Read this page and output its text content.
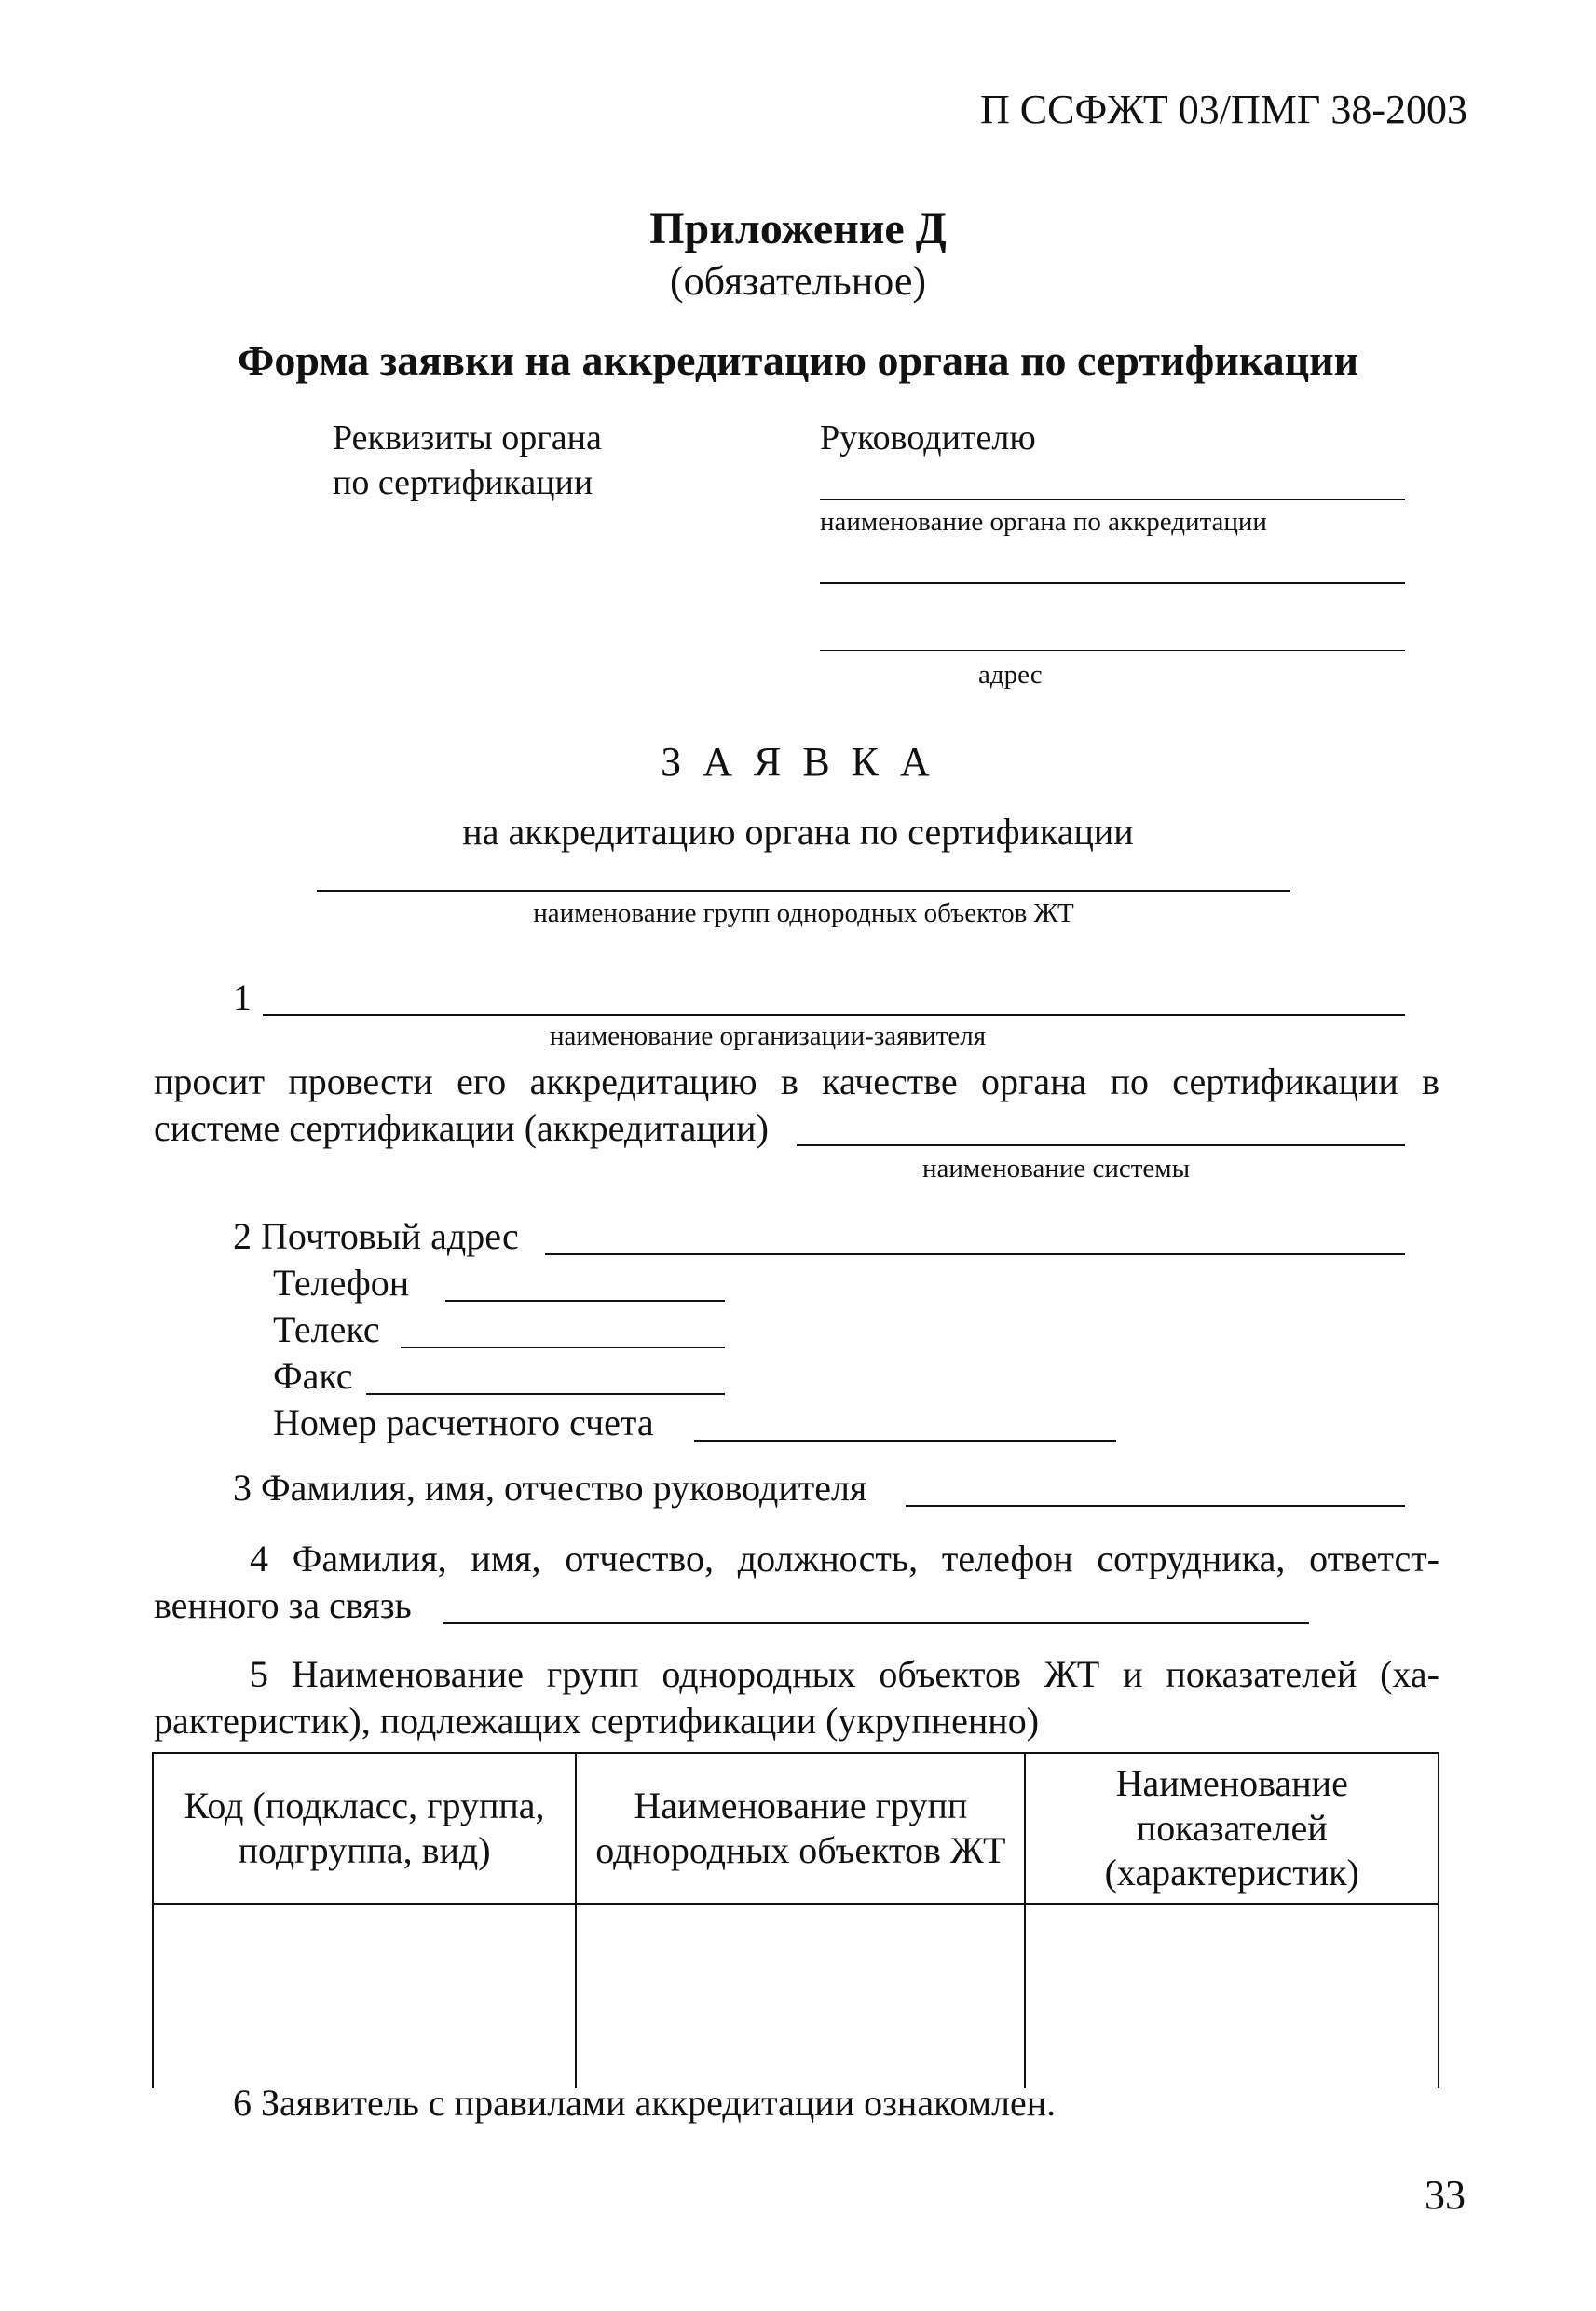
П ССФЖТ 03/ПМГ 38-2003
Приложение Д
(обязательное)
Форма заявки на аккредитацию органа по сертификации
Реквизиты органа
по сертификации
Руководителю
наименование органа по аккредитации
адрес
З А Я В К А
на аккредитацию органа по сертификации
наименование групп однородных объектов ЖТ
1
наименование организации-заявителя
просит провести его аккредитацию в качестве органа по сертификации в
системе сертификации (аккредитации)
наименование системы
2 Почтовый адрес
Телефон
Телекс
Факс
Номер расчетного счета
3 Фамилия, имя, отчество руководителя
4 Фамилия, имя, отчество, должность, телефон сотрудника, ответст-
венного за связь
5 Наименование групп однородных объектов ЖТ и показателей (ха-
рактеристик), подлежащих сертификации (укрупненно)
Код (подкласс, группа, подгруппа, вид)	Наименование групп однородных объектов ЖТ	Наименование показателей (характеристик)

6 Заявитель с правилами аккредитации ознакомлен.
33
